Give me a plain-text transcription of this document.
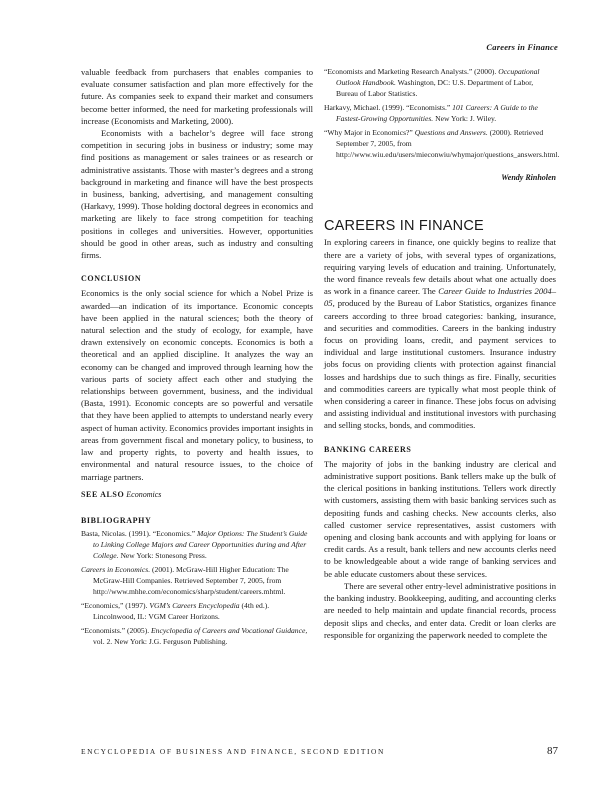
Careers in Finance

valuable feedback from purchasers that enables companies to evaluate consumer satisfaction and plan more effectively for the future. As companies seek to expand their market and consumers become better informed, the need for marketing professionals will increase (Economists and Marketing, 2000).

Economists with a bachelor’s degree will face strong competition in securing jobs in business or industry; some may find positions as management or sales trainees or as research or administrative assistants. Those with master’s degrees and a strong background in marketing and finance will have the best prospects in business, banking, advertising, and management consulting (Harkavy, 1999). Those holding doctoral degrees in economics and marketing are likely to face strong competition for teaching positions in colleges and universities. However, opportunities should be good in other areas, such as industry and consulting firms.

CONCLUSION

Economics is the only social science for which a Nobel Prize is awarded—an indication of its importance. Economic concepts have been applied in the natural sciences; both the theory of natural selection and the study of ecology, for example, have drawn extensively on economic concepts. Economics is both a theoretical and an applied discipline. It analyzes the way an economy can be changed and improved through learning how the various parts of society affect each other and studying the relationships between government, business, and the individual (Basta, 1991). Economic concepts are so powerful and versatile that they have been applied to attempts to understand nearly every aspect of human activity. Economics provides important insights in areas from government fiscal and monetary policy, to business, to law and property rights, to poverty and health issues, to environmental and natural resource issues, to the choice of marriage partners.

SEE ALSO Economics
BIBLIOGRAPHY
Basta, Nicolas. (1991). “Economics.” Major Options: The Student’s Guide to Linking College Majors and Career Opportunities during and After College. New York: Stonesong Press.
Careers in Economics. (2001). McGraw-Hill Higher Education: The McGraw-Hill Companies. Retrieved September 7, 2005, from http://www.mhhe.com/economics/sharp/student/careers.mhtml.
“Economics,” (1997). VGM’s Careers Encyclopedia (4th ed.). Lincolnwood, IL: VGM Career Horizons.
“Economists.” (2005). Encyclopedia of Careers and Vocational Guidance, vol. 2. New York: J.G. Ferguson Publishing.
“Economists and Marketing Research Analysts.” (2000). Occupational Outlook Handbook. Washington, DC: U.S. Department of Labor, Bureau of Labor Statistics.
Harkavy, Michael. (1999). “Economists.” 101 Careers: A Guide to the Fastest-Growing Opportunities. New York: J. Wiley.
“Why Major in Economics?” Questions and Answers. (2000). Retrieved September 7, 2005, from http://www.wiu.edu/users/mieconwiu/whymajor/questions_answers.html.
Wendy Rinholen
CAREERS IN FINANCE

In exploring careers in finance, one quickly begins to realize that there are a variety of jobs, with several types of organizations, requiring varying levels of education and training. Unfortunately, the word finance reveals few details about what one actually does as work in a finance career. The Career Guide to Industries 2004–05, produced by the Bureau of Labor Statistics, organizes finance careers according to three broad categories: banking, insurance, and securities and commodities. Careers in the banking industry focus on providing loans, credit, and payment services to individual and large institutional customers. Insurance industry jobs focus on providing clients with protection against financial losses and hardships due to such things as fire. Finally, securities and commodities careers are typically what most people think of when considering a career in finance. These jobs focus on advising and assisting individual and institutional investors with purchasing and selling stocks, bonds, and commodities.

BANKING CAREERS

The majority of jobs in the banking industry are clerical and administrative support positions. Bank tellers make up the bulk of the clerical positions in banking institutions. Tellers work directly with customers, assisting them with basic banking services such as depositing funds and cashing checks. New accounts clerks, also called customer service representatives, assist customers with opening and closing bank accounts and with applying for loans or credit cards. As a result, bank tellers and new accounts clerks need to be knowledgeable about a wide range of banking services and be able educate customers about these services.

There are several other entry-level administrative positions in the banking industry. Bookkeeping, auditing, and accounting clerks are needed to help maintain and update financial records, process deposit slips and checks, and enter data. Credit or loan clerks are responsible for organizing the paperwork needed to complete the

ENCYCLOPEDIA OF BUSINESS AND FINANCE, SECOND EDITION	87
